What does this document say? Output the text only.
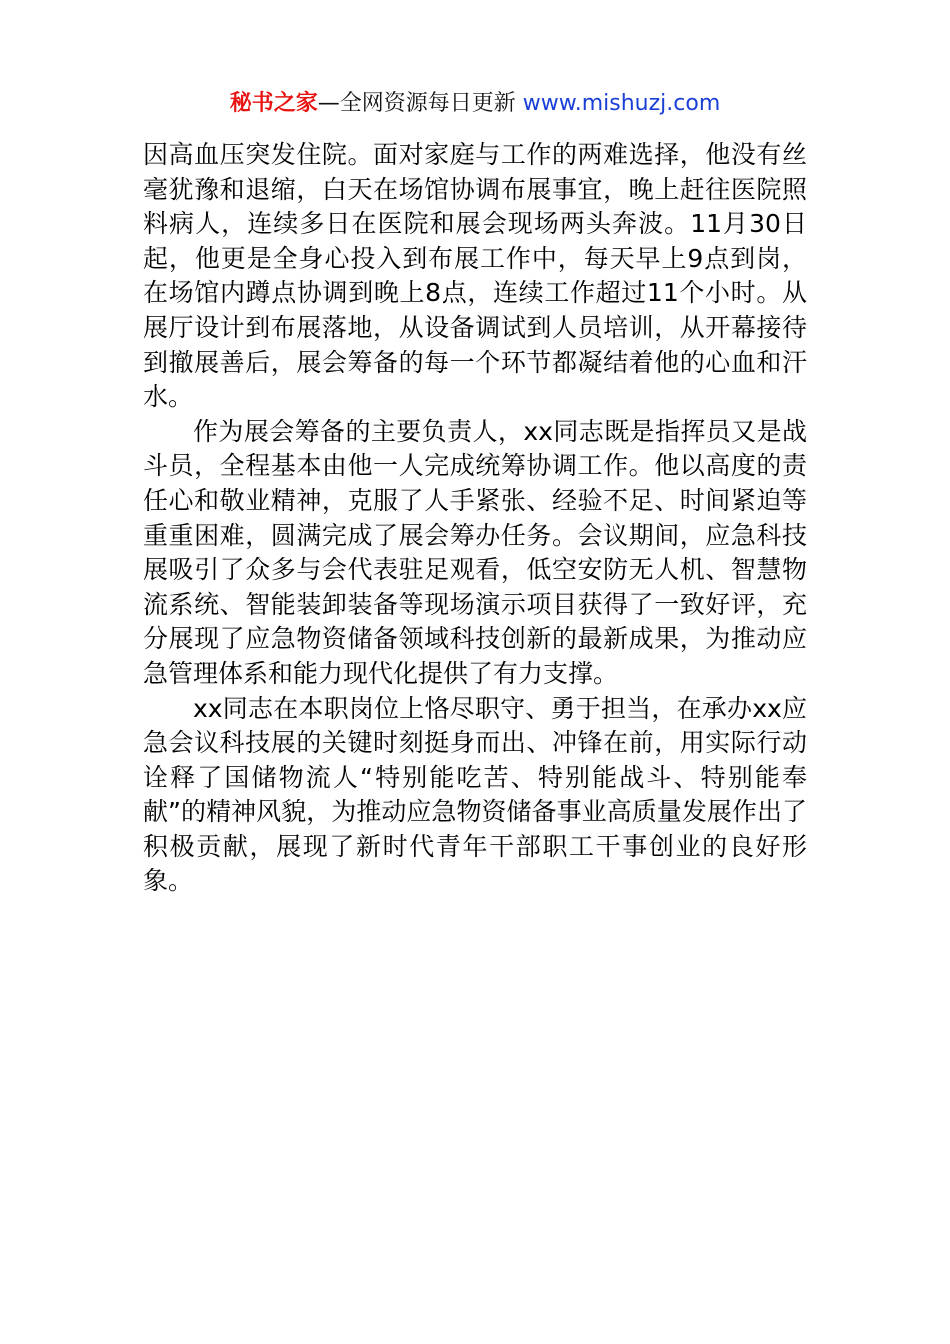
秘书之家—全网资源每日更新 www.mishuzj.com

因高血压突发住院。面对家庭与工作的两难选择，他没有丝毫犹豫和退缩，白天在场馆协调布展事宜，晚上赶往医院照料病人，连续多日在医院和展会现场两头奔波。11月30日起，他更是全身心投入到布展工作中，每天早上9点到岗，在场馆内蹲点协调到晚上8点，连续工作超过11个小时。从展厅设计到布展落地，从设备调试到人员培训，从开幕接待到撤展善后，展会筹备的每一个环节都凝结着他的心血和汗水。

作为展会筹备的主要负责人，xx同志既是指挥员又是战斗员，全程基本由他一人完成统筹协调工作。他以高度的责任心和敬业精神，克服了人手紧张、经验不足、时间紧迫等重重困难，圆满完成了展会筹办任务。会议期间，应急科技展吸引了众多与会代表驻足观看，低空安防无人机、智慧物流系统、智能装卸装备等现场演示项目获得了一致好评，充分展现了应急物资储备领域科技创新的最新成果，为推动应急管理体系和能力现代化提供了有力支撑。

xx同志在本职岗位上恪尽职守、勇于担当，在承办xx应急会议科技展的关键时刻挺身而出、冲锋在前，用实际行动诠释了国储物流人“特别能吃苦、特别能战斗、特别能奉献”的精神风貌，为推动应急物资储备事业高质量发展作出了积极贡献，展现了新时代青年干部职工干事创业的良好形象。
